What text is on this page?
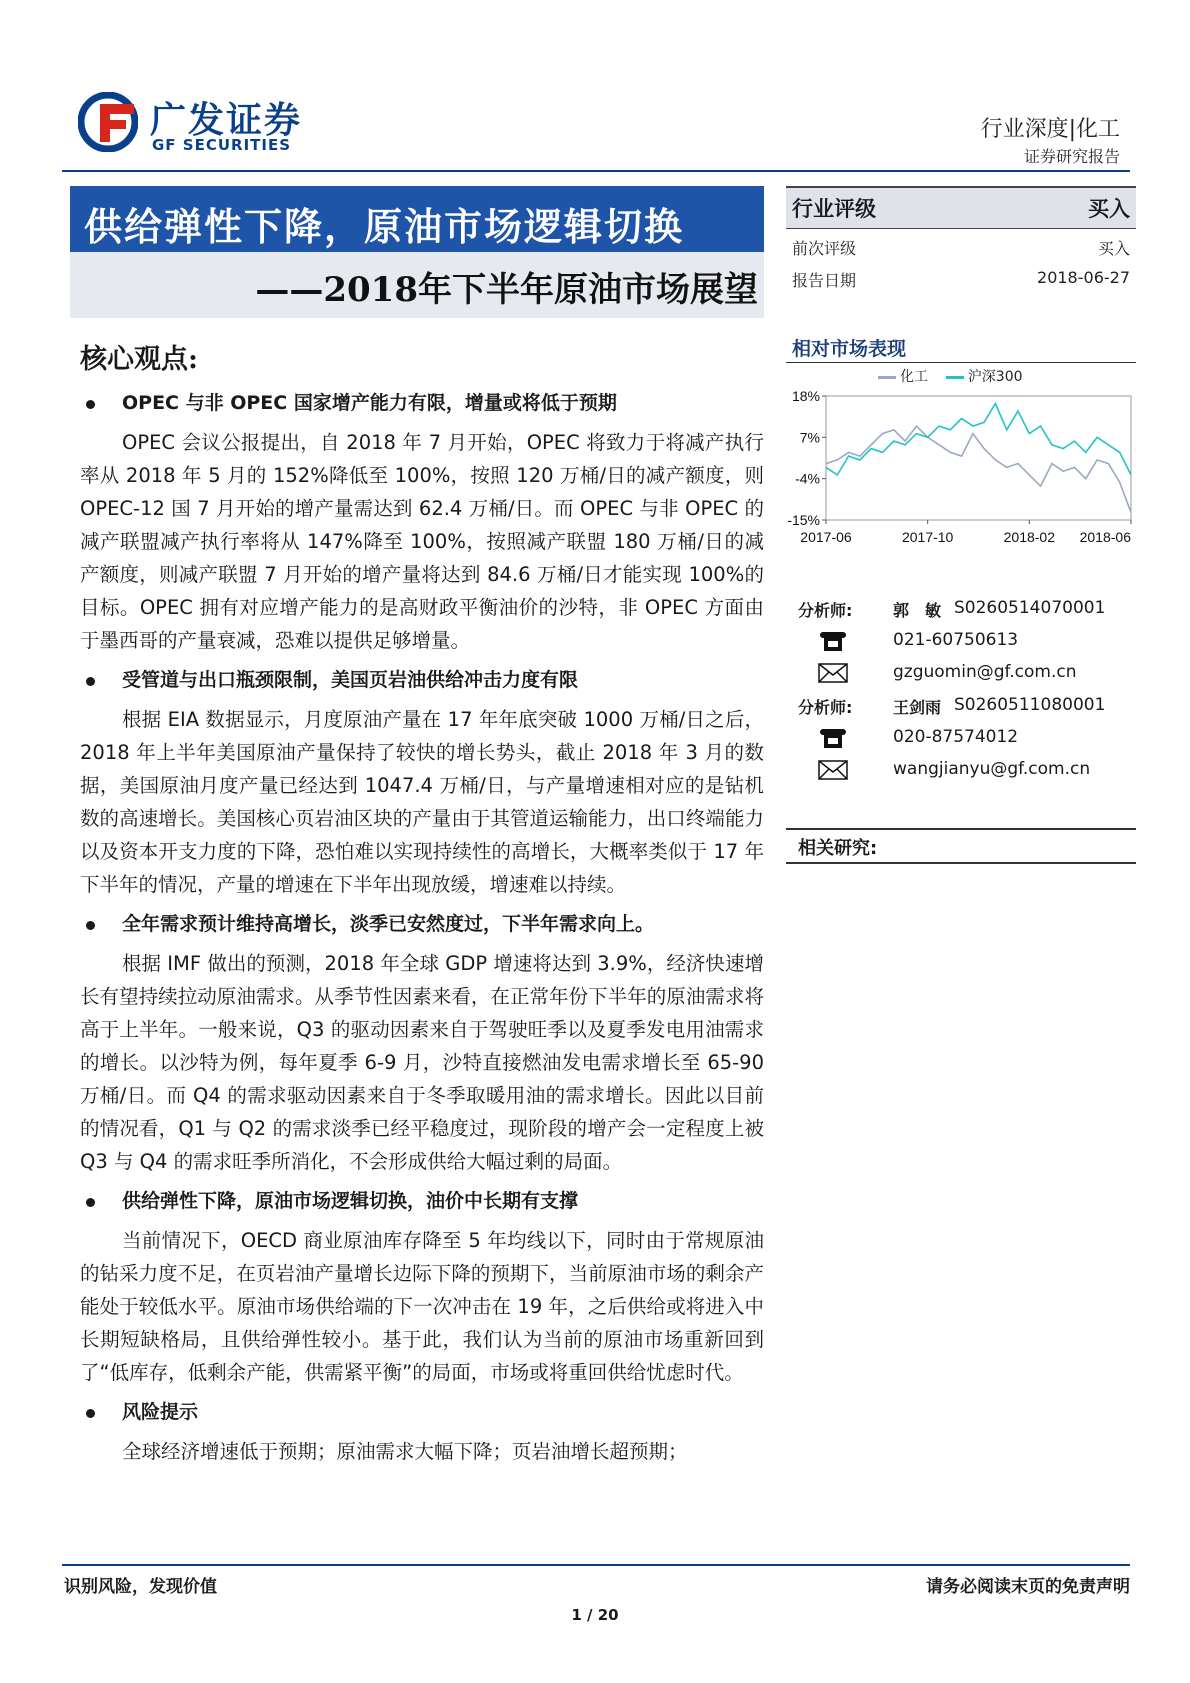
广发证券
GF SECURITIES
行业深度|化工
证券研究报告
供给弹性下降，原油市场逻辑切换
——2018年下半年原油市场展望
核心观点:
OPEC 与非 OPEC 国家增产能力有限，增量或将低于预期

OPEC 会议公报提出，自 2018 年 7 月开始，OPEC 将致力于将减产执行率从 2018 年 5 月的 152%降低至 100%，按照 120 万桶/日的减产额度，则 OPEC-12 国 7 月开始的增产量需达到 62.4 万桶/日。而 OPEC 与非 OPEC 的减产联盟减产执行率将从 147%降至 100%，按照减产联盟 180 万桶/日的减产额度，则减产联盟 7 月开始的增产量将达到 84.6 万桶/日才能实现 100%的目标。OPEC 拥有对应增产能力的是高财政平衡油价的沙特，非 OPEC 方面由于墨西哥的产量衰减，恐难以提供足够增量。

受管道与出口瓶颈限制，美国页岩油供给冲击力度有限

根据 EIA 数据显示，月度原油产量在 17 年年底突破 1000 万桶/日之后，2018 年上半年美国原油产量保持了较快的增长势头，截止 2018 年 3 月的数据，美国原油月度产量已经达到 1047.4 万桶/日，与产量增速相对应的是钻机数的高速增长。美国核心页岩油区块的产量由于其管道运输能力，出口终端能力以及资本开支力度的下降，恐怕难以实现持续性的高增长，大概率类似于 17 年下半年的情况，产量的增速在下半年出现放缓，增速难以持续。

全年需求预计维持高增长，淡季已安然度过，下半年需求向上。

根据 IMF 做出的预测，2018 年全球 GDP 增速将达到 3.9%，经济快速增长有望持续拉动原油需求。从季节性因素来看，在正常年份下半年的原油需求将高于上半年。一般来说，Q3 的驱动因素来自于驾驶旺季以及夏季发电用油需求的增长。以沙特为例，每年夏季 6-9 月，沙特直接燃油发电需求增长至 65-90 万桶/日。而 Q4 的需求驱动因素来自于冬季取暖用油的需求增长。因此以目前的情况看，Q1 与 Q2 的需求淡季已经平稳度过，现阶段的增产会一定程度上被 Q3 与 Q4 的需求旺季所消化，不会形成供给大幅过剩的局面。

供给弹性下降，原油市场逻辑切换，油价中长期有支撑

当前情况下，OECD 商业原油库存降至 5 年均线以下，同时由于常规原油的钻采力度不足，在页岩油产量增长边际下降的预期下，当前原油市场的剩余产能处于较低水平。原油市场供给端的下一次冲击在 19 年，之后供给或将进入中长期短缺格局，且供给弹性较小。基于此，我们认为当前的原油市场重新回到了“低库存，低剩余产能，供需紧平衡”的局面，市场或将重回供给忧虑时代。

风险提示

全球经济增速低于预期；原油需求大幅下降；页岩油增长超预期；

行业评级	买入
前次评级	买入
报告日期	2018-06-27
相对市场表现
化工	沪深300
18%
7%
-4%
-15%
2017-06	2017-10	2018-02 2018-06
分析师:	郭　敏 S0260514070001
021-60750613
gzguomin@gf.com.cn
分析师:	王剑雨 S0260511080001
020-87574012
wangjianyu@gf.com.cn
相关研究:
识别风险，发现价值	请务必阅读末页的免责声明
1 / 20
